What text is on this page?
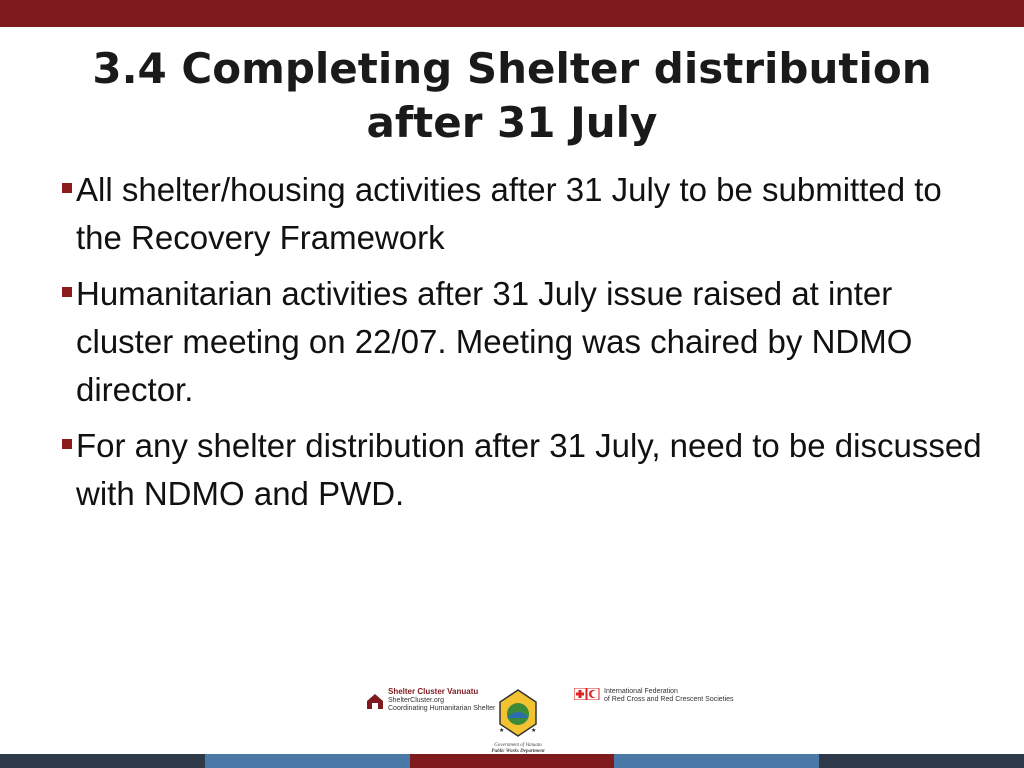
3.4 Completing Shelter distribution after 31 July
All shelter/housing activities after 31 July to be submitted to the Recovery Framework
Humanitarian activities after 31 July issue raised at inter cluster meeting on 22/07. Meeting was chaired by NDMO director.
For any shelter distribution after 31 July, need to be discussed with NDMO and PWD.
Shelter Cluster Vanuatu
ShelterCluster.org
Coordinating Humanitarian Shelter
★	★
Government of Vanuatu
Public Works Department
International Federation
of Red Cross and Red Crescent Societies
